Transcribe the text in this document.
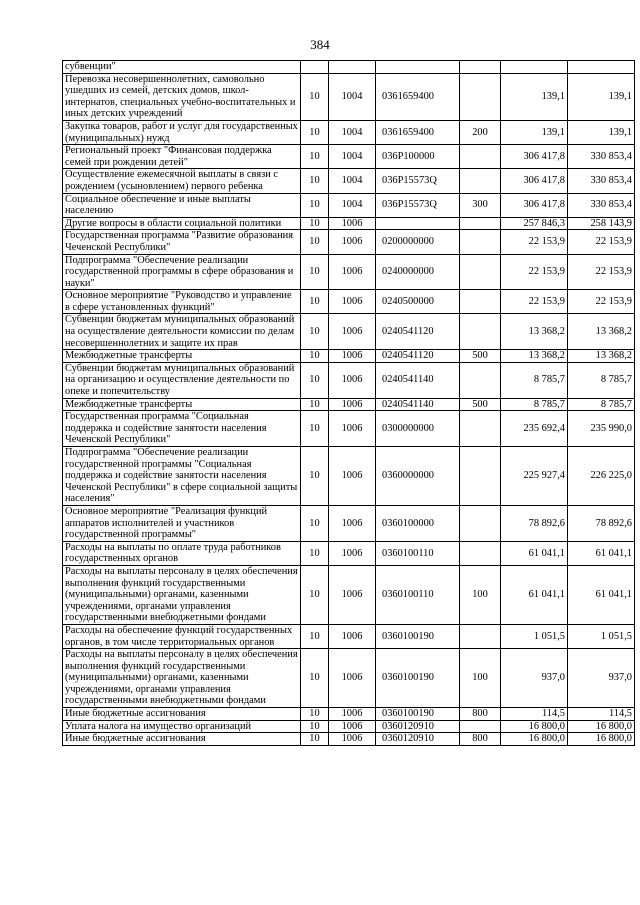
384
субвенции"						
Перевозка несовершеннолетних, самовольно ушедших из семей, детских домов, школ-интернатов, специальных учебно-воспитательных и иных детских учреждений	10	1004	0361659400		139,1	139,1
Закупка товаров, работ и услуг для государственных (муниципальных) нужд	10	1004	0361659400	200	139,1	139,1
Региональный проект "Финансовая поддержка семей при рождении детей"	10	1004	036P100000		306 417,8	330 853,4
Осуществление ежемесячной выплаты в связи с рождением (усыновлением) первого ребенка	10	1004	036P15573Q		306 417,8	330 853,4
Социальное обеспечение и иные выплаты населению	10	1004	036P15573Q	300	306 417,8	330 853,4
Другие вопросы в области социальной политики	10	1006			257 846,3	258 143,9
Государственная программа "Развитие образования Чеченской Республики"	10	1006	0200000000		22 153,9	22 153,9
Подпрограмма "Обеспечение реализации государственной программы в сфере образования и науки"	10	1006	0240000000		22 153,9	22 153,9
Основное мероприятие "Руководство и управление в сфере установленных функций"	10	1006	0240500000		22 153,9	22 153,9
Субвенции бюджетам муниципальных образований на осуществление деятельности комиссии по делам несовершеннолетних и защите их прав	10	1006	0240541120		13 368,2	13 368,2
Межбюджетные трансферты	10	1006	0240541120	500	13 368,2	13 368,2
Субвенции бюджетам муниципальных образований на организацию и осуществление деятельности по опеке и попечительству	10	1006	0240541140		8 785,7	8 785,7
Межбюджетные трансферты	10	1006	0240541140	500	8 785,7	8 785,7
Государственная программа "Социальная поддержка и содействие занятости населения Чеченской Республики"	10	1006	0300000000		235 692,4	235 990,0
Подпрограмма "Обеспечение реализации государственной программы "Социальная поддержка и содействие занятости населения Чеченской Республики" в сфере социальной защиты населения"	10	1006	0360000000		225 927,4	226 225,0
Основное мероприятие "Реализация функций аппаратов исполнителей и участников государственной программы"	10	1006	0360100000		78 892,6	78 892,6
Расходы на выплаты по оплате труда работников государственных органов	10	1006	0360100110		61 041,1	61 041,1
Расходы на выплаты персоналу в целях обеспечения выполнения функций государственными (муниципальными) органами, казенными учреждениями, органами управления государственными внебюджетными фондами	10	1006	0360100110	100	61 041,1	61 041,1
Расходы на обеспечение функций государственных органов, в том числе территориальных органов	10	1006	0360100190		1 051,5	1 051,5
Расходы на выплаты персоналу в целях обеспечения выполнения функций государственными (муниципальными) органами, казенными учреждениями, органами управления государственными внебюджетными фондами	10	1006	0360100190	100	937,0	937,0
Иные бюджетные ассигнования	10	1006	0360100190	800	114,5	114,5
Уплата налога на имущество организаций	10	1006	0360120910		16 800,0	16 800,0
Иные бюджетные ассигнования	10	1006	0360120910	800	16 800,0	16 800,0
